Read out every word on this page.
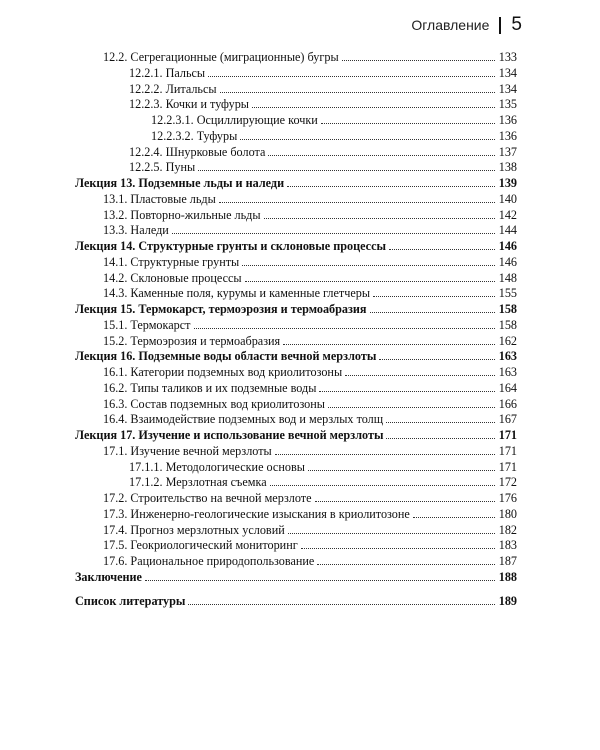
Оглавление 5
12.2. Сегрегационные (миграционные) бугры	133
12.2.1. Пальсы	134
12.2.2. Литальсы	134
12.2.3. Кочки и туфуры	135
12.2.3.1. Осциллирующие кочки	136
12.2.3.2. Туфуры	136
12.2.4. Шнурковые болота	137
12.2.5. Пуны	138
Лекция 13. Подземные льды и наледи	139
13.1. Пластовые льды	140
13.2. Повторно-жильные льды	142
13.3. Наледи	144
Лекция 14. Структурные грунты и склоновые процессы	146
14.1. Структурные грунты	146
14.2. Склоновые процессы	148
14.3. Каменные поля, курумы и каменные глетчеры	155
Лекция 15. Термокарст, термоэрозия и термоабразия	158
15.1. Термокарст	158
15.2. Термоэрозия и термоабразия	162
Лекция 16. Подземные воды области вечной мерзлоты	163
16.1. Категории подземных вод криолитозоны	163
16.2. Типы таликов и их подземные воды	164
16.3. Состав подземных вод криолитозоны	166
16.4. Взаимодействие подземных вод и мерзлых толщ	167
Лекция 17. Изучение и использование вечной мерзлоты	171
17.1. Изучение вечной мерзлоты	171
17.1.1. Методологические основы	171
17.1.2. Мерзлотная съемка	172
17.2. Строительство на вечной мерзлоте	176
17.3. Инженерно-геологические изыскания в криолитозоне	180
17.4. Прогноз мерзлотных условий	182
17.5. Геокриологический мониторинг	183
17.6. Рациональное природопользование	187
Заключение	188
Список литературы	189
